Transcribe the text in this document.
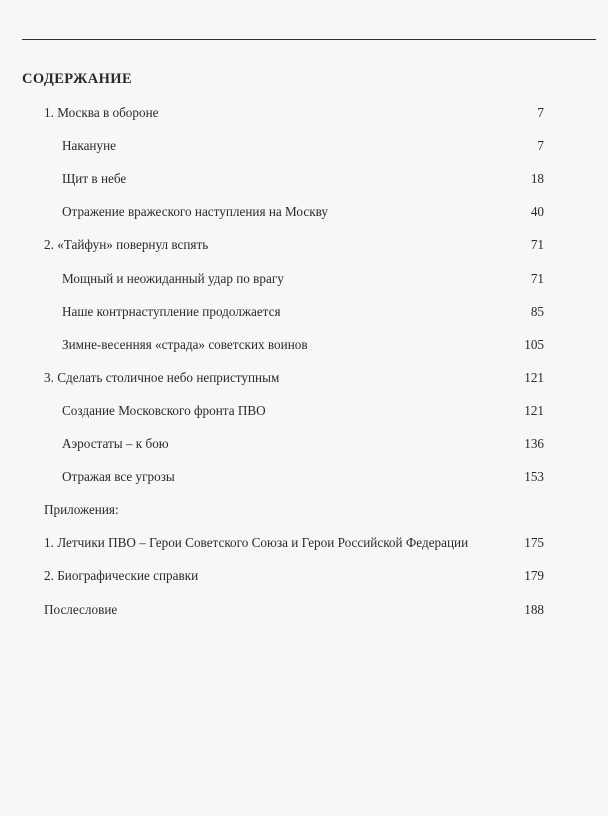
СОДЕРЖАНИЕ
1. Москва в обороне	7
Накануне	7
Щит в небе	18
Отражение вражеского наступления на Москву	40
2. «Тайфун» повернул вспять	71
Мощный и неожиданный удар по врагу	71
Наше контрнаступление продолжается	85
Зимне-весенняя «страда» советских воинов	105
3. Сделать столичное небо неприступным	121
Создание Московского фронта ПВО	121
Аэростаты – к бою	136
Отражая все угрозы	153
Приложения:
1. Летчики ПВО – Герои Советского Союза и Герои Российской Федерации	175
2. Биографические справки	179
Послесловие	188
